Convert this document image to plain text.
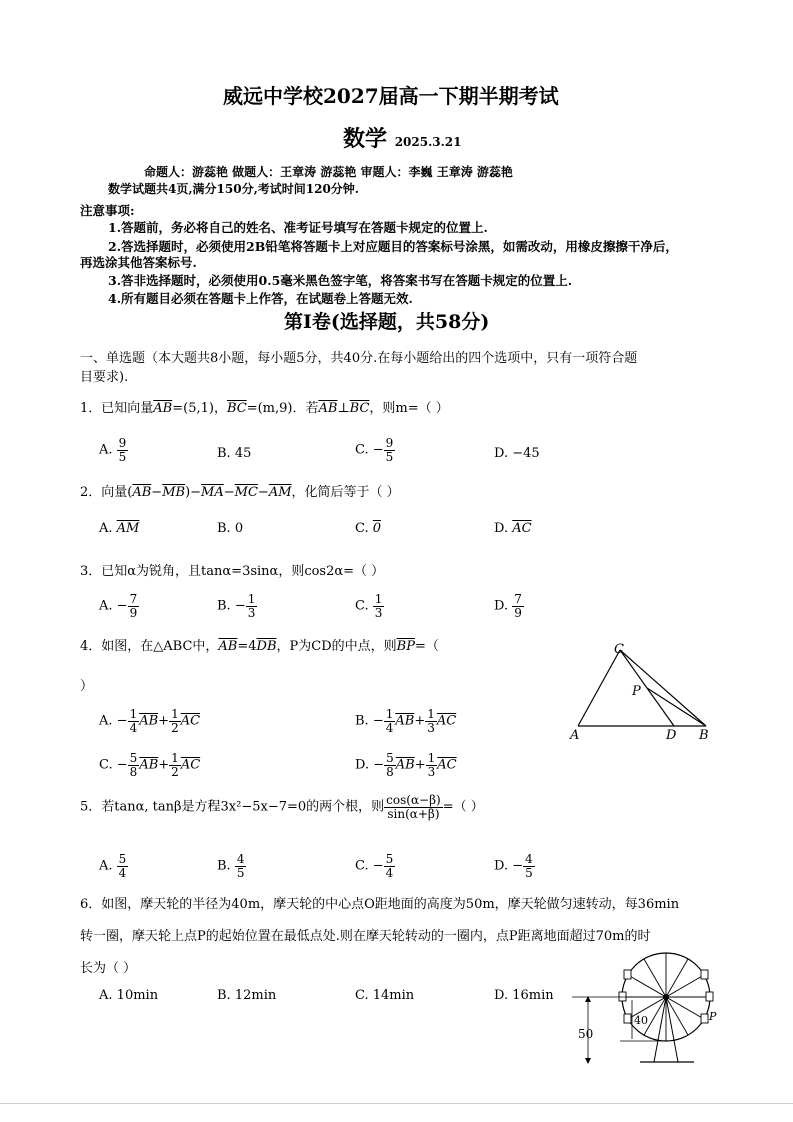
威远中学校2027届高一下期半期考试
数学 2025.3.21
命题人：游蕊艳 做题人：王章涛 游蕊艳 审题人：李巍 王章涛 游蕊艳
数学试题共4页,满分150分,考试时间120分钟.
注意事项:
1.答题前，务必将自己的姓名、准考证号填写在答题卡规定的位置上.
2.答选择题时，必须使用2B铅笔将答题卡上对应题目的答案标号涂黑，如需改动，用橡皮擦擦干净后，
再选涂其他答案标号.
3.答非选择题时，必须使用0.5毫米黑色签字笔，将答案书写在答题卡规定的位置上.
4.所有题目必须在答题卡上作答，在试题卷上答题无效.
第Ⅰ卷(选择题，共58分)
一、单选题（本大题共8小题，每小题5分，共40分.在每小题给出的四个选项中，只有一项符合题
目要求).
1．已知向量$\overline{AB}=(5,1)$，$\overline{BC}=(m,9)$．若$\overline{AB}\perp\overline{BC}$，则m=（ ）
A. $\frac{9}{5}$	B. 45	C. − $\frac{9}{5}$	D. −45
2．向量$(\overline{AB}-\overline{MB})-\overline{MA}-\overline{MC}-\overline{AM}$，化简后等于（ ）
A. $\overline{AM}$	B. 0	C. 0	D. $\overline{AC}$
3．已知α为锐角，且tanα=3sinα，则cos2α=（ ）
A. − $\frac{7}{9}$	B. − $\frac{1}{3}$	C. $\frac{1}{3}$	D. $\frac{7}{9}$
4．如图，在△ABC中，$\overline{AB}=4\overline{DB}$，P为CD的中点，则$\overline{BP}=$（
）
C
P
A	D B
A. − $\frac{1}{4} \overline{AB}+ \frac{1}{2} \overline{AC}$	B. − $\frac{1}{4} \overline{AB}+ \frac{1}{3} \overline{AC}$
C. − $\frac{5}{8} \overline{AB}+ \frac{1}{2} \overline{AC}$	D. − $\frac{5}{8} \overline{AB}+ \frac{1}{3} \overline{AC}$
5．若tanα, tanβ是方程3x²−5x−7=0的两个根，则 $\frac{\cos(\alpha-\beta)}{\sin(\alpha+\beta)}$ =（ ）
A. $\frac{5}{4}$	B. $\frac{4}{5}$	C. − $\frac{5}{4}$	D. − $\frac{4}{5}$
6．如图，摩天轮的半径为40m，摩天轮的中心点O距地面的高度为50m，摩天轮做匀速转动，每36min
转一圈，摩天轮上点P的起始位置在最低点处.则在摩天轮转动的一圈内，点P距离地面超过70m的时
长为（ ）
A. 10min	B. 12min	C. 14min	D. 16min
50
40	P
